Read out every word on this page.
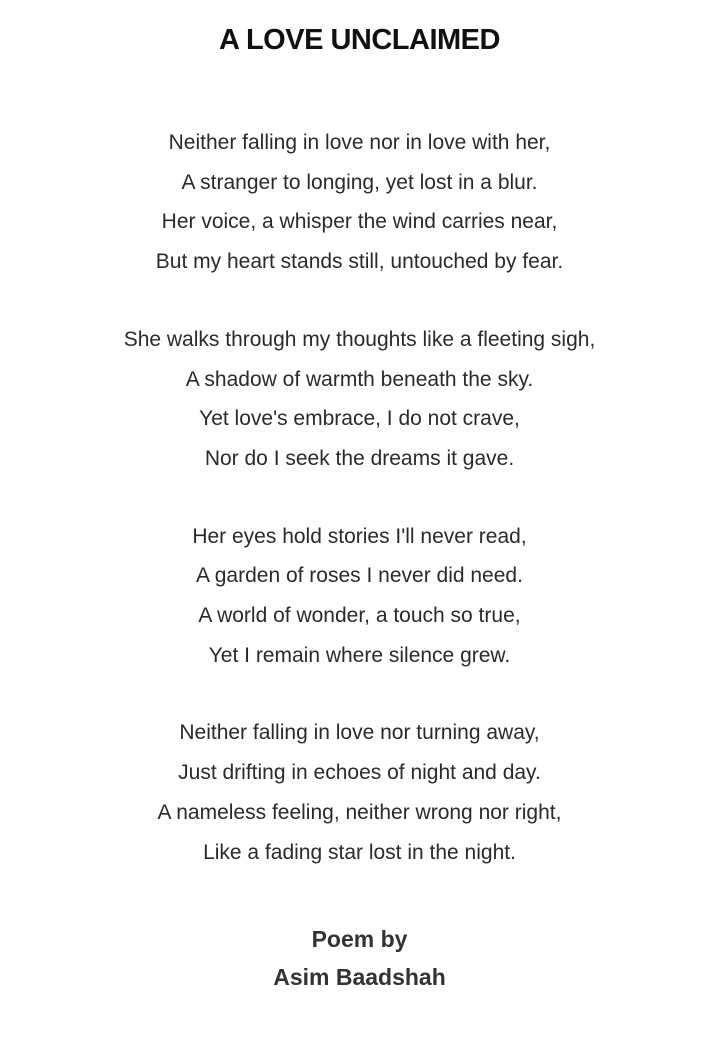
A LOVE UNCLAIMED
Neither falling in love nor in love with her,
A stranger to longing, yet lost in a blur.
Her voice, a whisper the wind carries near,
But my heart stands still, untouched by fear.
She walks through my thoughts like a fleeting sigh,
A shadow of warmth beneath the sky.
Yet love's embrace, I do not crave,
Nor do I seek the dreams it gave.
Her eyes hold stories I'll never read,
A garden of roses I never did need.
A world of wonder, a touch so true,
Yet I remain where silence grew.
Neither falling in love nor turning away,
Just drifting in echoes of night and day.
A nameless feeling, neither wrong nor right,
Like a fading star lost in the night.
Poem by
Asim Baadshah
